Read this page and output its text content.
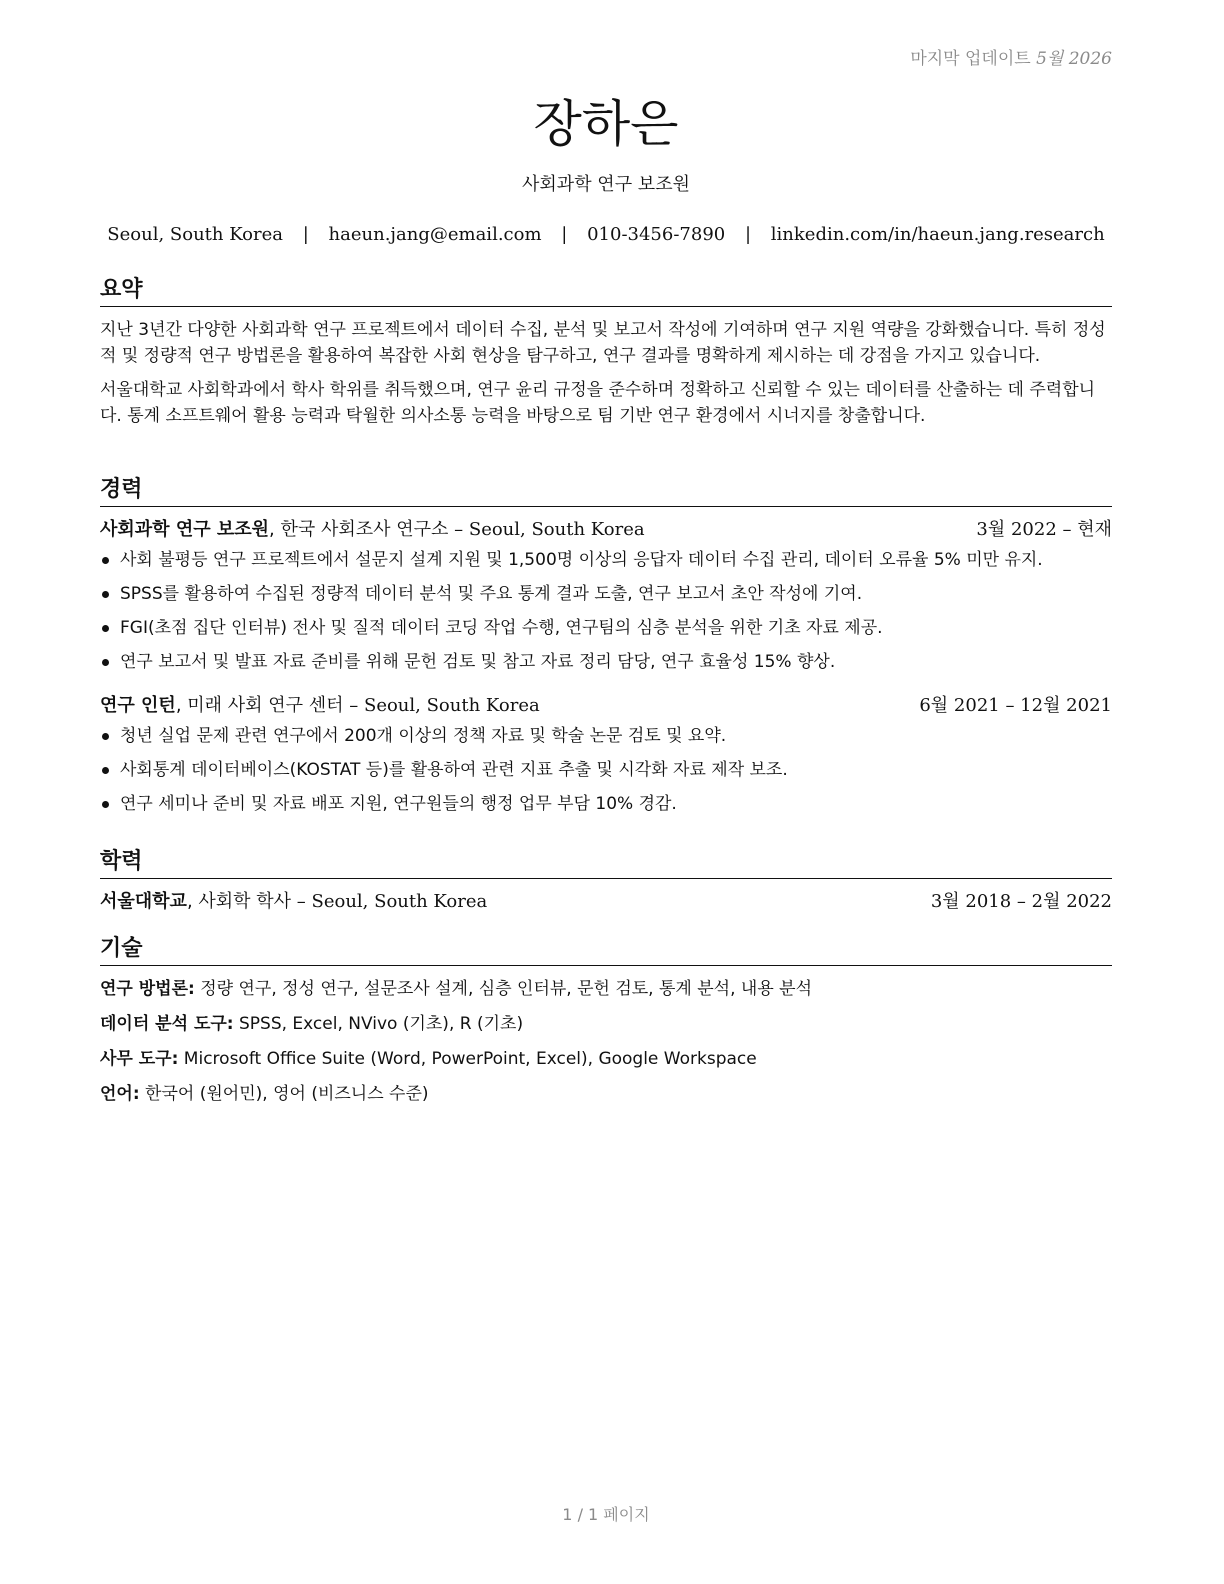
마지막 업데이트 5월 2026
장하은
사회과학 연구 보조원
Seoul, South Korea | haeun.jang@email.com | 010-3456-7890 | linkedin.com/in/haeun.jang.research
요약

지난 3년간 다양한 사회과학 연구 프로젝트에서 데이터 수집, 분석 및 보고서 작성에 기여하며 연구 지원 역량을 강화했습니다. 특히 정성적 및 정량적 연구 방법론을 활용하여 복잡한 사회 현상을 탐구하고, 연구 결과를 명확하게 제시하는 데 강점을 가지고 있습니다.

서울대학교 사회학과에서 학사 학위를 취득했으며, 연구 윤리 규정을 준수하며 정확하고 신뢰할 수 있는 데이터를 산출하는 데 주력합니다. 통계 소프트웨어 활용 능력과 탁월한 의사소통 능력을 바탕으로 팀 기반 연구 환경에서 시너지를 창출합니다.

경력
사회과학 연구 보조원, 한국 사회조사 연구소 – Seoul, South Korea	3월 2022 – 현재
사회 불평등 연구 프로젝트에서 설문지 설계 지원 및 1,500명 이상의 응답자 데이터 수집 관리, 데이터 오류율 5% 미만 유지.
SPSS를 활용하여 수집된 정량적 데이터 분석 및 주요 통계 결과 도출, 연구 보고서 초안 작성에 기여.
FGI(초점 집단 인터뷰) 전사 및 질적 데이터 코딩 작업 수행, 연구팀의 심층 분석을 위한 기초 자료 제공.
연구 보고서 및 발표 자료 준비를 위해 문헌 검토 및 참고 자료 정리 담당, 연구 효율성 15% 향상.
연구 인턴, 미래 사회 연구 센터 – Seoul, South Korea	6월 2021 – 12월 2021
청년 실업 문제 관련 연구에서 200개 이상의 정책 자료 및 학술 논문 검토 및 요약.
사회통계 데이터베이스(KOSTAT 등)를 활용하여 관련 지표 추출 및 시각화 자료 제작 보조.
연구 세미나 준비 및 자료 배포 지원, 연구원들의 행정 업무 부담 10% 경감.
학력
서울대학교, 사회학 학사 – Seoul, South Korea	3월 2018 – 2월 2022
기술
연구 방법론: 정량 연구, 정성 연구, 설문조사 설계, 심층 인터뷰, 문헌 검토, 통계 분석, 내용 분석
데이터 분석 도구: SPSS, Excel, NVivo (기초), R (기초)
사무 도구: Microsoft Office Suite (Word, PowerPoint, Excel), Google Workspace
언어: 한국어 (원어민), 영어 (비즈니스 수준)
1 / 1 페이지
